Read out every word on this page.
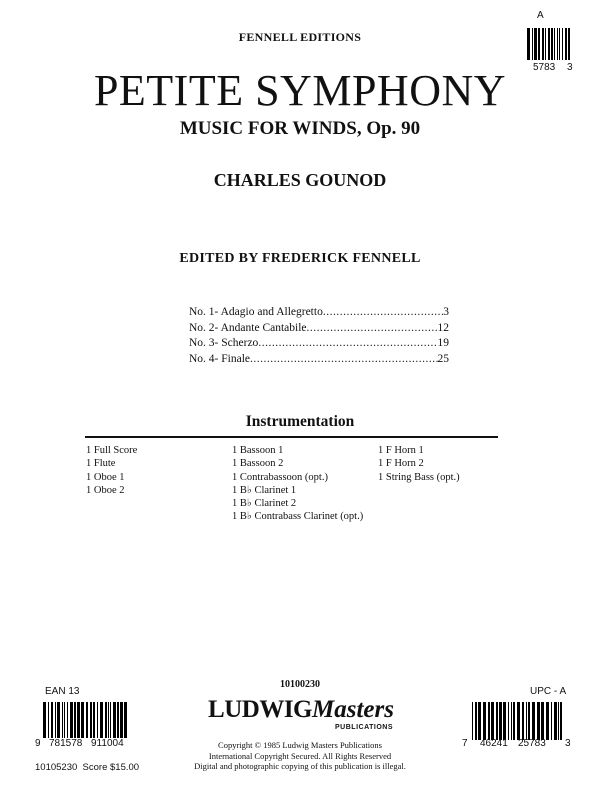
A
5783 3
FENNELL EDITIONS
PETITE SYMPHONY
MUSIC FOR WINDS, Op. 90
CHARLES GOUNOD
EDITED BY FREDERICK FENNELL
No. 1- Adagio and Allegretto .....	3
No. 2- Andante Cantabile .....	12
No. 3- Scherzo .....	19
No. 4- Finale .....	25
Instrumentation
1 Full Score
1 Flute
1 Oboe 1
1 Oboe 2
1 Bassoon 1
1 Bassoon 2
1 Contrabassoon (opt.)
1 B♭ Clarinet 1
1 B♭ Clarinet 2
1 B♭ Contrabass Clarinet (opt.)
1 F Horn 1
1 F Horn 2
1 String Bass (opt.)
10100230
EAN 13
9 781578 911004
10105230  Score $15.00
LUDWIGMasters
PUBLICATIONS
Copyright © 1985 Ludwig Masters Publications
International Copyright Secured. All Rights Reserved
Digital and photographic copying of this publication is illegal.
UPC - A
7 46241 25783 3
